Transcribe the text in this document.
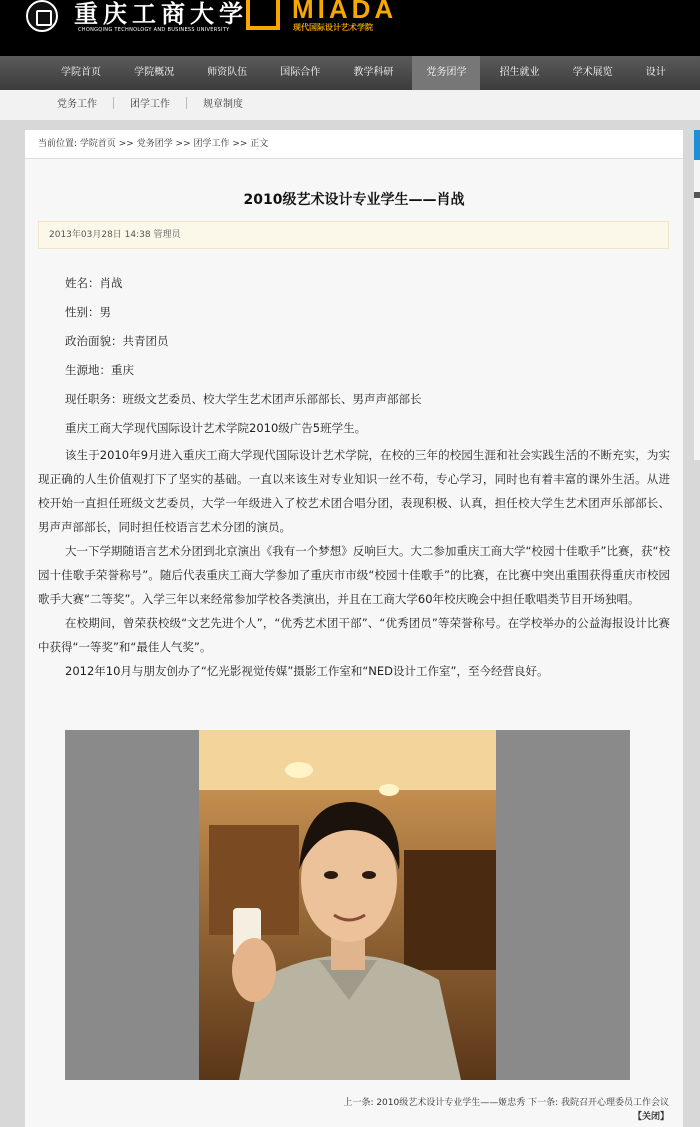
重庆工商大学
CHONGQING TECHNOLOGY AND BUSINESS UNIVERSITY
MIADA
现代国际设计艺术学院
学院首页	学院概况	师资队伍	国际合作	教学科研	党务团学	招生就业	学术展览	设计
党务工作	团学工作	规章制度
当前位置: 学院首页 >> 党务团学 >> 团学工作 >> 正文
2010级艺术设计专业学生——肖战
2013年03月28日 14:38 管理员

姓名：肖战

性别：男

政治面貌：共青团员

生源地：重庆

现任职务：班级文艺委员、校大学生艺术团声乐部部长、男声声部部长

重庆工商大学现代国际设计艺术学院2010级广告5班学生。

该生于2010年9月进入重庆工商大学现代国际设计艺术学院，在校的三年的校园生涯和社会实践生活的不断充实，为实现正确的人生价值观打下了坚实的基础。一直以来该生对专业知识一丝不苟，专心学习，同时也有着丰富的课外生活。从进校开始一直担任班级文艺委员，大学一年级进入了校艺术团合唱分团，表现积极、认真，担任校大学生艺术团声乐部部长、男声声部部长，同时担任校语言艺术分团的演员。

大一下学期随语言艺术分团到北京演出《我有一个梦想》反响巨大。大二参加重庆工商大学“校园十佳歌手”比赛，获“校园十佳歌手荣誉称号”。随后代表重庆工商大学参加了重庆市市级“校园十佳歌手”的比赛，在比赛中突出重围获得重庆市校园歌手大赛“二等奖”。入学三年以来经常参加学校各类演出，并且在工商大学60年校庆晚会中担任歌唱类节目开场独唱。

在校期间，曾荣获校级“文艺先进个人”，“优秀艺术团干部”、“优秀团员”等荣誉称号。在学校举办的公益海报设计比赛中获得“一等奖”和“最佳人气奖”。

2012年10月与朋友创办了“忆光影视觉传媒”摄影工作室和“NED设计工作室”，至今经营良好。

上一条: 2010级艺术设计专业学生——姬忠秀 下一条: 我院召开心理委员工作会议
【关闭】
